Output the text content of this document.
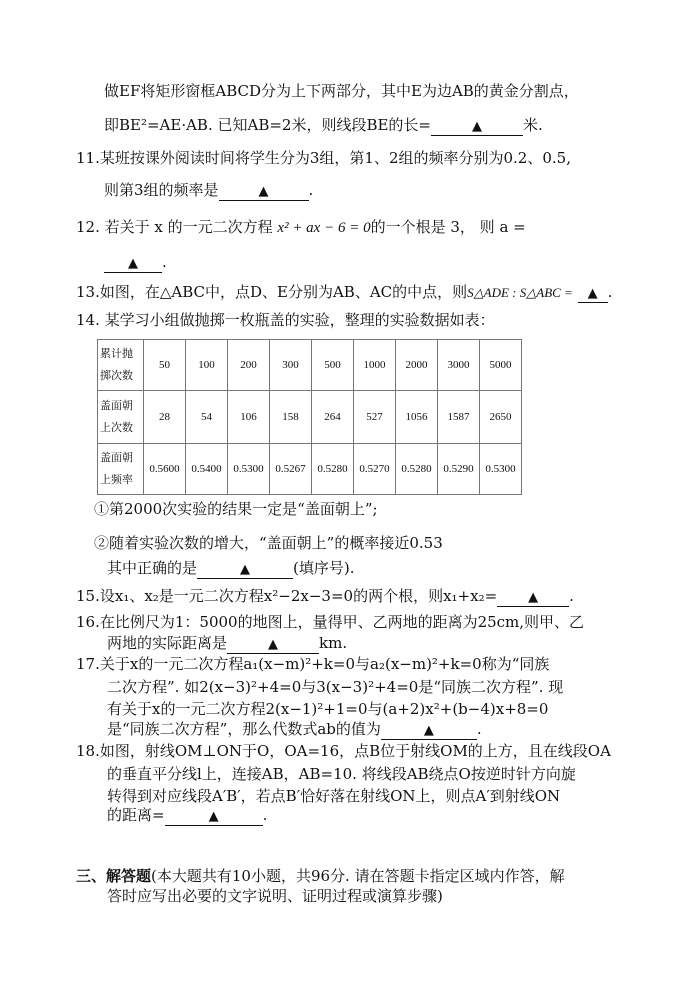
做EF将矩形窗框ABCD分为上下两部分，其中E为边AB的黄金分割点，
即BE²=AE·AB. 已知AB=2米，则线段BE的长=	▲	米.
11.某班按课外阅读时间将学生分为3组，第1、2组的频率分别为0.2、0.5,
则第3组的频率是	▲	.
12. 若关于 x 的一元二次方程 x² + ax − 6 = 0的一个根是 3， 则 a =
▲ .
13.如图，在△ABC中，点D、E分别为AB、AC的中点，则S△ADE : S△ABC = ▲ .
14. 某学习小组做抛掷一枚瓶盖的实验，整理的实验数据如表：
累计抛
掷次数	50	100	200	300	500	1000	2000	3000	5000
盖面朝
上次数	28	54	106	158	264	527	1056	1587	2650
盖面朝
上频率	0.5600	0.5400	0.5300	0.5267	0.5280	0.5270	0.5280	0.5290	0.5300
①第2000次实验的结果一定是“盖面朝上”;
②随着实验次数的增大，“盖面朝上”的概率接近0.53
其中正确的是	▲	(填序号).
15.设x₁、x₂是一元二次方程x²−2x−3=0的两个根，则x₁+x₂= ▲ .
16.在比例尺为1：5000的地图上，量得甲、乙两地的距离为25cm,则甲、乙
两地的实际距离是	▲	km.
17.关于x的一元二次方程a₁(x−m)²+k=0与a₂(x−m)²+k=0称为“同族
二次方程”. 如2(x−3)²+4=0与3(x−3)²+4=0是“同族二次方程”. 现
有关于x的一元二次方程2(x−1)²+1=0与(a+2)x²+(b−4)x+8=0
是“同族二次方程”，那么代数式ab的值为	▲	.
18.如图，射线OM⊥ON于O，OA=16，点B位于射线OM的上方，且在线段OA
的垂直平分线l上，连接AB，AB=10. 将线段AB绕点O按逆时针方向旋
转得到对应线段A′B′，若点B′恰好落在射线ON上，则点A′到射线ON
的距离=	▲	.
三、解答题(本大题共有10小题，共96分. 请在答题卡指定区域内作答，解
答时应写出必要的文字说明、证明过程或演算步骤)
